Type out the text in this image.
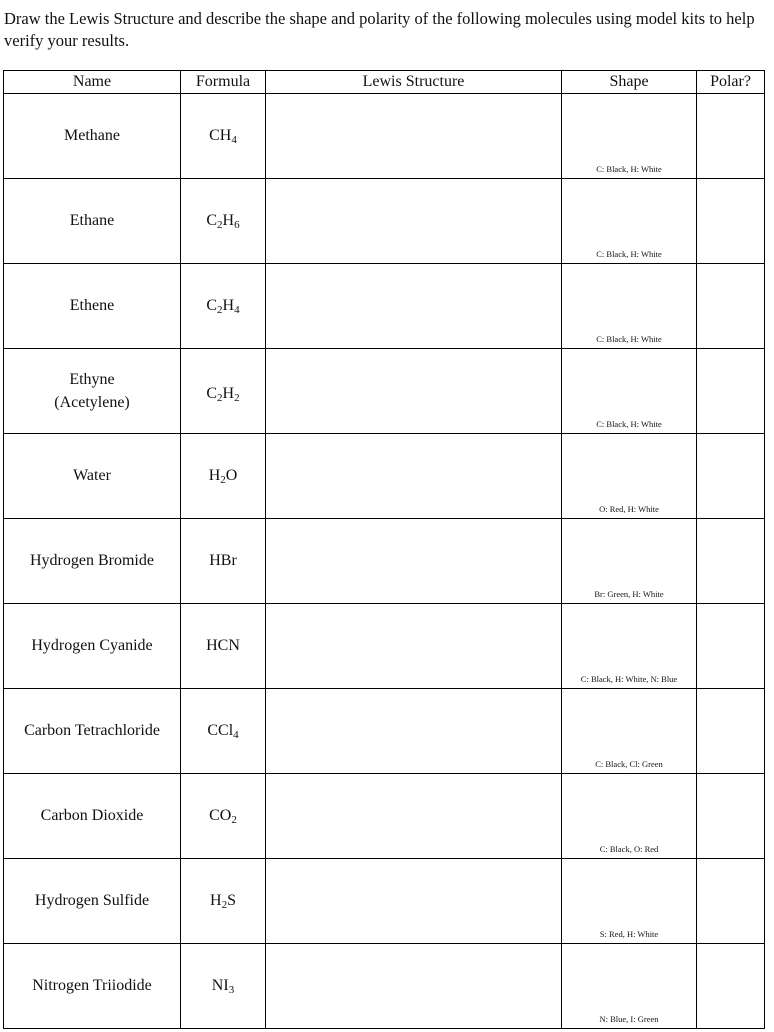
Draw the Lewis Structure and describe the shape and polarity of the following molecules using model kits to help verify your results.

Name	Formula	Lewis Structure	Shape	Polar?

Methane	$CH_4$		C: Black, H: White	

Ethane	$C_2H_6$		C: Black, H: White	

Ethene	$C_2H_4$		C: Black, H: White	

Ethyne
(Acetylene)	$C_2H_2$		C: Black, H: White	

Water	$H_2O$		O: Red, H: White	

Hydrogen Bromide	HBr		Br: Green, H: White	

Hydrogen Cyanide	HCN		C: Black, H: White, N: Blue	

Carbon Tetrachloride	CCl$_4$		C: Black, Cl: Green	

Carbon Dioxide	$CO_2$		C: Black, O: Red	

Hydrogen Sulfide	$H_2S$		S: Red, H: White	

Nitrogen Triiodide	$NI_3$		N: Blue, I: Green	
